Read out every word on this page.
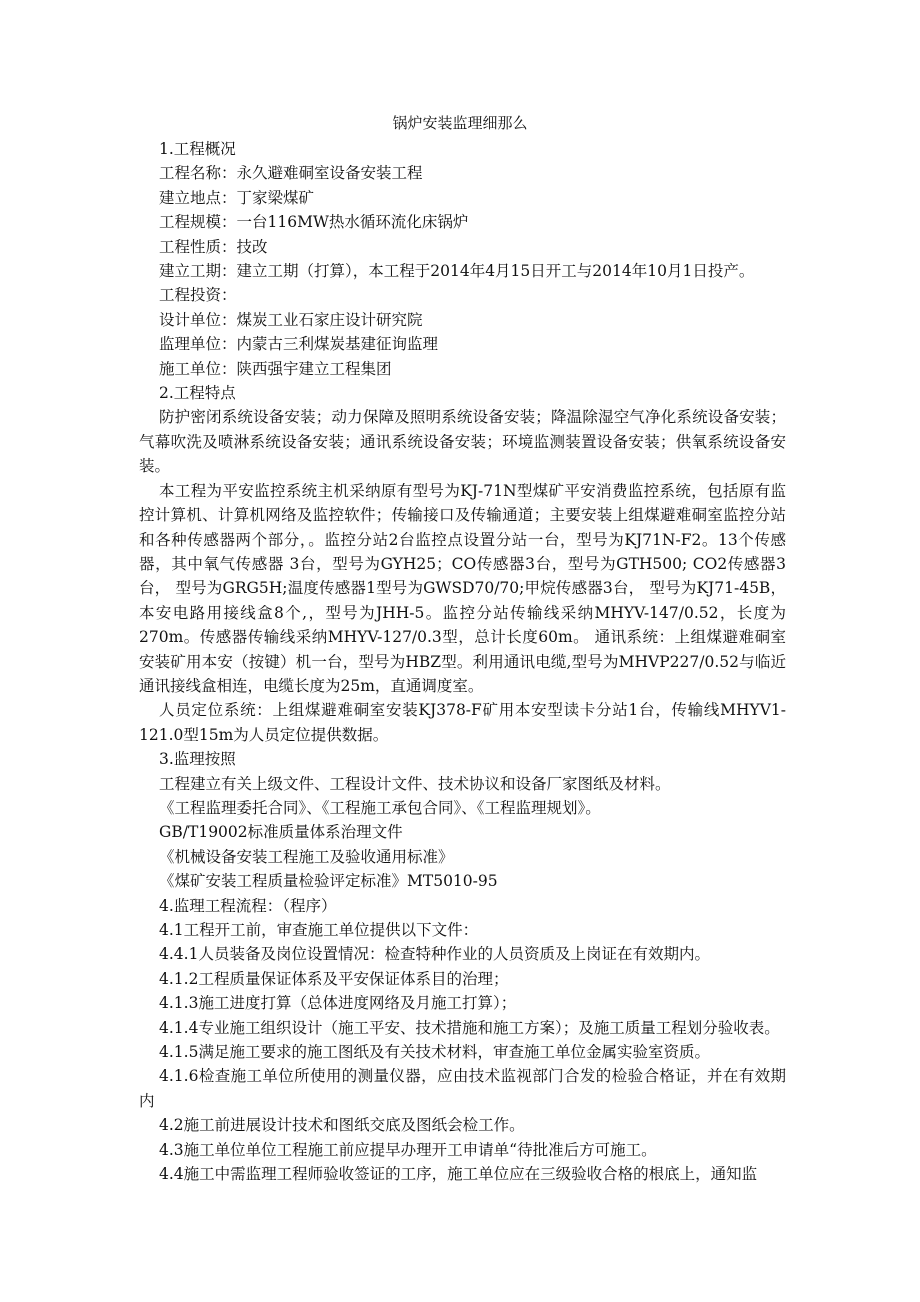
锅炉安装监理细那么

1.工程概况

工程名称：永久避难硐室设备安装工程

建立地点：丁家梁煤矿

工程规模：一台116MW热水循环流化床锅炉

工程性质：技改

建立工期：建立工期（打算），本工程于2014年4月15日开工与2014年10月1日投产。

工程投资：

设计单位：煤炭工业石家庄设计研究院

监理单位：内蒙古三利煤炭基建征询监理

施工单位：陕西强宇建立工程集团

2.工程特点

防护密闭系统设备安装；动力保障及照明系统设备安装；降温除湿空气净化系统设备安装；气幕吹洗及喷淋系统设备安装；通讯系统设备安装；环境监测装置设备安装；供氧系统设备安装。

本工程为平安监控系统主机采纳原有型号为KJ-71N型煤矿平安消费监控系统，包括原有监控计算机、计算机网络及监控软件；传输接口及传输通道；主要安装上组煤避难硐室监控分站和各种传感器两个部分，。监控分站2台监控点设置分站一台，型号为KJ71N-F2。13个传感器，其中氧气传感器 3台，型号为GYH25；CO传感器3台，型号为GTH500; CO2传感器3台， 型号为GRG5H;温度传感器1型号为GWSD70/70;甲烷传感器3台， 型号为KJ71-45B，本安电路用接线盒8个,，型号为JHH-5。监控分站传输线采纳MHYV-147/0.52，长度为270m。传感器传输线采纳MHYV-127/0.3型，总计长度60m。 通讯系统：上组煤避难硐室安装矿用本安（按键）机一台，型号为HBZ型。利用通讯电缆,型号为MHVP227/0.52与临近通讯接线盒相连，电缆长度为25m，直通调度室。

人员定位系统：上组煤避难硐室安装KJ378-F矿用本安型读卡分站1台，传输线MHYV1-121.0型15m为人员定位提供数据。

3.监理按照

工程建立有关上级文件、工程设计文件、技术协议和设备厂家图纸及材料。

《工程监理委托合同》、《工程施工承包合同》、《工程监理规划》。

GB/T19002标准质量体系治理文件

《机械设备安装工程施工及验收通用标准》

《煤矿安装工程质量检验评定标准》MT5010-95

4.监理工程流程：（程序）

4.1工程开工前，审查施工单位提供以下文件：

4.4.1人员装备及岗位设置情况：检查特种作业的人员资质及上岗证在有效期内。

4.1.2工程质量保证体系及平安保证体系目的治理；

4.1.3施工进度打算（总体进度网络及月施工打算）；

4.1.4专业施工组织设计（施工平安、技术措施和施工方案）；及施工质量工程划分验收表。

4.1.5满足施工要求的施工图纸及有关技术材料，审查施工单位金属实验室资质。

4.1.6检查施工单位所使用的测量仪器，应由技术监视部门合发的检验合格证，并在有效期内

4.2施工前进展设计技术和图纸交底及图纸会检工作。

4.3施工单位单位工程施工前应提早办理开工申请单“待批准后方可施工。

4.4施工中需监理工程师验收签证的工序，施工单位应在三级验收合格的根底上，通知监
